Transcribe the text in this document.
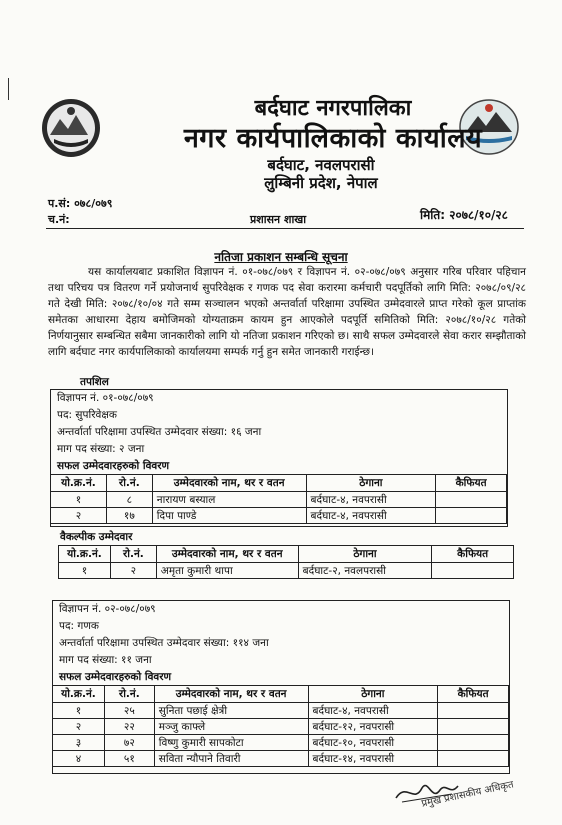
बर्दघाट नगरपालिका
नगर कार्यपालिकाको कार्यालय
बर्दघाट, नवलपरासी
लुम्बिनी प्रदेश, नेपाल
प.सं: ०७८/०७९
च.नं:	प्रशासन शाखा	मिति: २०७८/१०/२८
नतिजा प्रकाशन सम्बन्धि सूचना
यस कार्यालयबाट प्रकाशित विज्ञापन नं. ०१-०७८/०७९ र विज्ञापन नं. ०२-०७८/०७९ अनुसार गरिब परिवार पहिचान तथा परिचय पत्र वितरण गर्ने प्रयोजनार्थ सुपरिवेक्षक र गणक पद सेवा करारमा कर्मचारी पदपूर्तिको लागि मिति: २०७८/०९/२८ गते देखी मिति: २०७८/१०/०४ गते सम्म सञ्चालन भएको अन्तर्वार्ता परिक्षामा उपस्थित उम्मेदवारले प्राप्त गरेको कूल प्राप्तांक समेतका आधारमा देहाय बमोजिमको योग्यताक्रम कायम हुन आएकोले पदपूर्ति समितिको मिति: २०७८/१०/२८ गतेको निर्णयानुसार सम्बन्धित सबैमा जानकारीको लागि यो नतिजा प्रकाशन गरिएको छ। साथै सफल उम्मेदवारले सेवा करार सम्झौताको लागि बर्दघाट नगर कार्यपालिकाको कार्यालयमा सम्पर्क गर्नु हुन समेत जानकारी गराईन्छ।
तपशिल
विज्ञापन नं. ०१-०७८/०७९
पद: सुपरिवेक्षक
अन्तर्वार्ता परिक्षामा उपस्थित उम्मेदवार संख्या: १६ जना
माग पद संख्या: २ जना
सफल उम्मेदवारहरुको विवरण
यो.क्र.नं.	रो.नं.	उम्मेदवारको नाम, थर र वतन	ठेगाना	कैफियत
१	८	नारायण बस्याल	बर्दघाट-४, नवपरासी	
२	१७	दिपा पाण्डे	बर्दघाट-४, नवपरासी	
वैकल्पीक उम्मेदवार
यो.क्र.नं.	रो.नं.	उम्मेदवारको नाम, थर र वतन	ठेगाना	कैफियत
१	२	अमृता कुमारी थापा	बर्दघाट-२, नवलपरासी	
विज्ञापन नं. ०२-०७८/०७९
पद: गणक
अन्तर्वार्ता परिक्षामा उपस्थित उम्मेदवार संख्या: ११४ जना
माग पद संख्या: ११ जना
सफल उम्मेदवारहरुको विवरण
यो.क्र.नं.	रो.नं.	उम्मेदवारको नाम, थर र वतन	ठेगाना	कैफियत
१	२५	सुनिता पछाई क्षेत्री	बर्दघाट-४, नवपरासी	
२	२२	मञ्जु काफ्ले	बर्दघाट-१२, नवपरासी	
३	७२	विष्णु कुमारी सापकोटा	बर्दघाट-१०, नवपरासी	
४	५१	सविता न्यौपाने तिवारी	बर्दघाट-१४, नवपरासी	
प्रमुख प्रशासकीय अधिकृत
